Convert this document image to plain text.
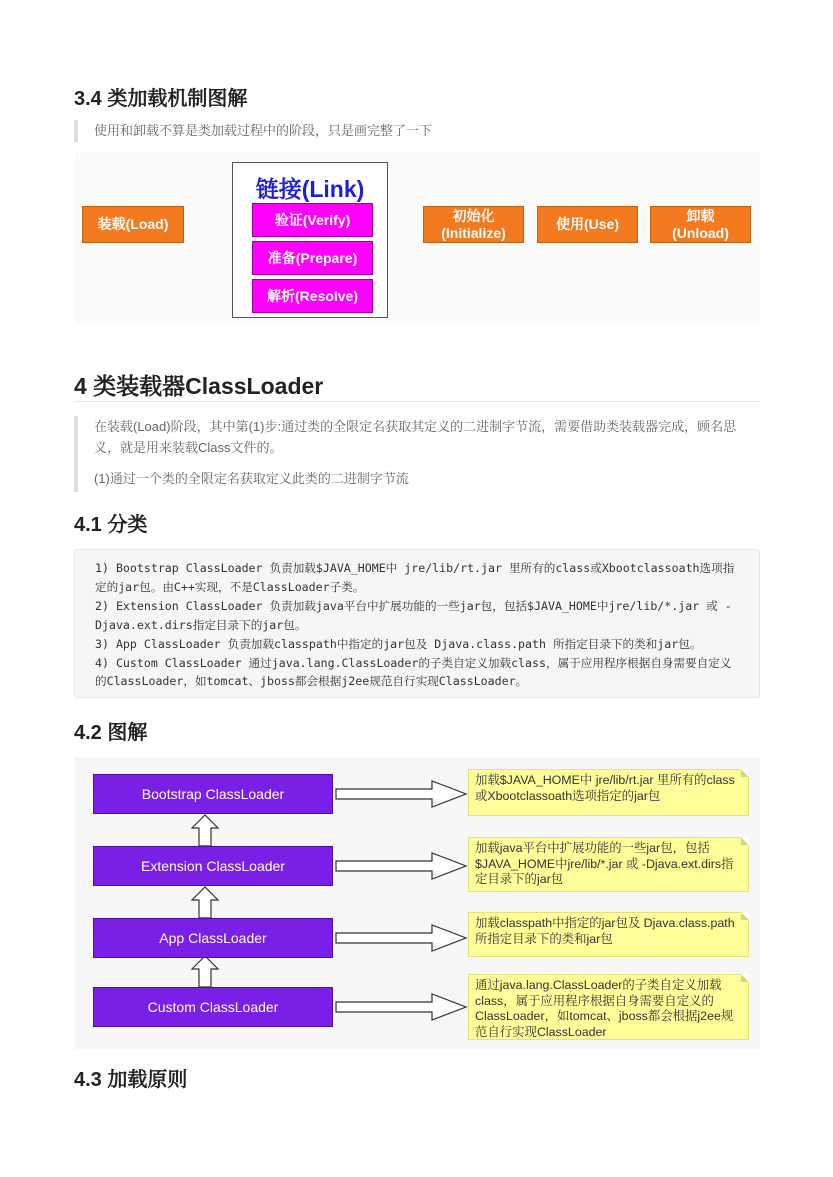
3.4 类加载机制图解
使用和卸载不算是类加载过程中的阶段，只是画完整了一下
装载(Load)
链接(Link)
验证(Verify)
准备(Prepare)
解析(Resolve)
初始化
(Initialize)
使用(Use)
卸载
(Unload)
4 类装载器ClassLoader

在装载(Load)阶段，其中第(1)步:通过类的全限定名获取其定义的二进制字节流，需要借助类装载器完成，顾名思义，就是用来装载Class文件的。

(1)通过一个类的全限定名获取定义此类的二进制字节流

4.1 分类
1) Bootstrap ClassLoader 负责加载$JAVA_HOME中 jre/lib/rt.jar 里所有的class或Xbootclassoath选项指定的jar包。由C++实现，不是ClassLoader子类。
2) Extension ClassLoader 负责加载java平台中扩展功能的一些jar包，包括$JAVA_HOME中jre/lib/*.jar 或 -Djava.ext.dirs指定目录下的jar包。
3) App ClassLoader 负责加载classpath中指定的jar包及 Djava.class.path 所指定目录下的类和jar包。
4) Custom ClassLoader 通过java.lang.ClassLoader的子类自定义加载class，属于应用程序根据自身需要自定义的ClassLoader，如tomcat、jboss都会根据j2ee规范自行实现ClassLoader。
4.2 图解
Bootstrap ClassLoader
Extension ClassLoader
App ClassLoader
Custom ClassLoader
加载$JAVA_HOME中 jre/lib/rt.jar 里所有的class或Xbootclassoath选项指定的jar包
加载java平台中扩展功能的一些jar包，包括$JAVA_HOME中jre/lib/*.jar 或 -Djava.ext.dirs指定目录下的jar包
加载classpath中指定的jar包及 Djava.class.path所指定目录下的类和jar包
通过java.lang.ClassLoader的子类自定义加载class，属于应用程序根据自身需要自定义的ClassLoader，如tomcat、jboss都会根据j2ee规范自行实现ClassLoader
4.3 加载原则
